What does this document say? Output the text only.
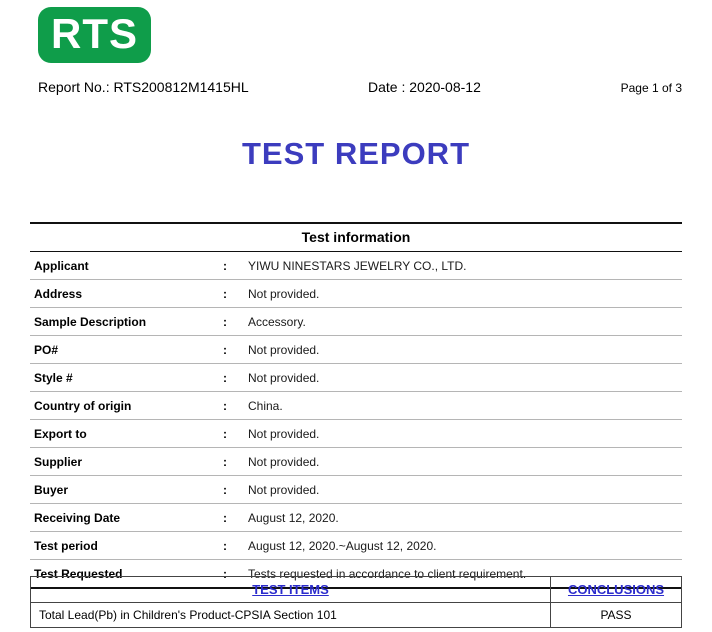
RTS
Report No.: RTS200812M1415HL	Date : 2020-08-12	Page 1 of 3
TEST REPORT
Test information		
Applicant	:	YIWU NINESTARS JEWELRY CO., LTD.
Address	:	Not provided.
Sample Description	:	Accessory.
PO#	:	Not provided.
Style #	:	Not provided.
Country of origin	:	China.
Export to	:	Not provided.
Supplier	:	Not provided.
Buyer	:	Not provided.
Receiving Date	:	August 12, 2020.
Test period	:	August 12, 2020.~August 12, 2020.
Test Requested	:	Tests requested in accordance to client requirement.
TEST ITEMS	CONCLUSIONS
Total Lead(Pb) in Children's Product-CPSIA Section 101	PASS
